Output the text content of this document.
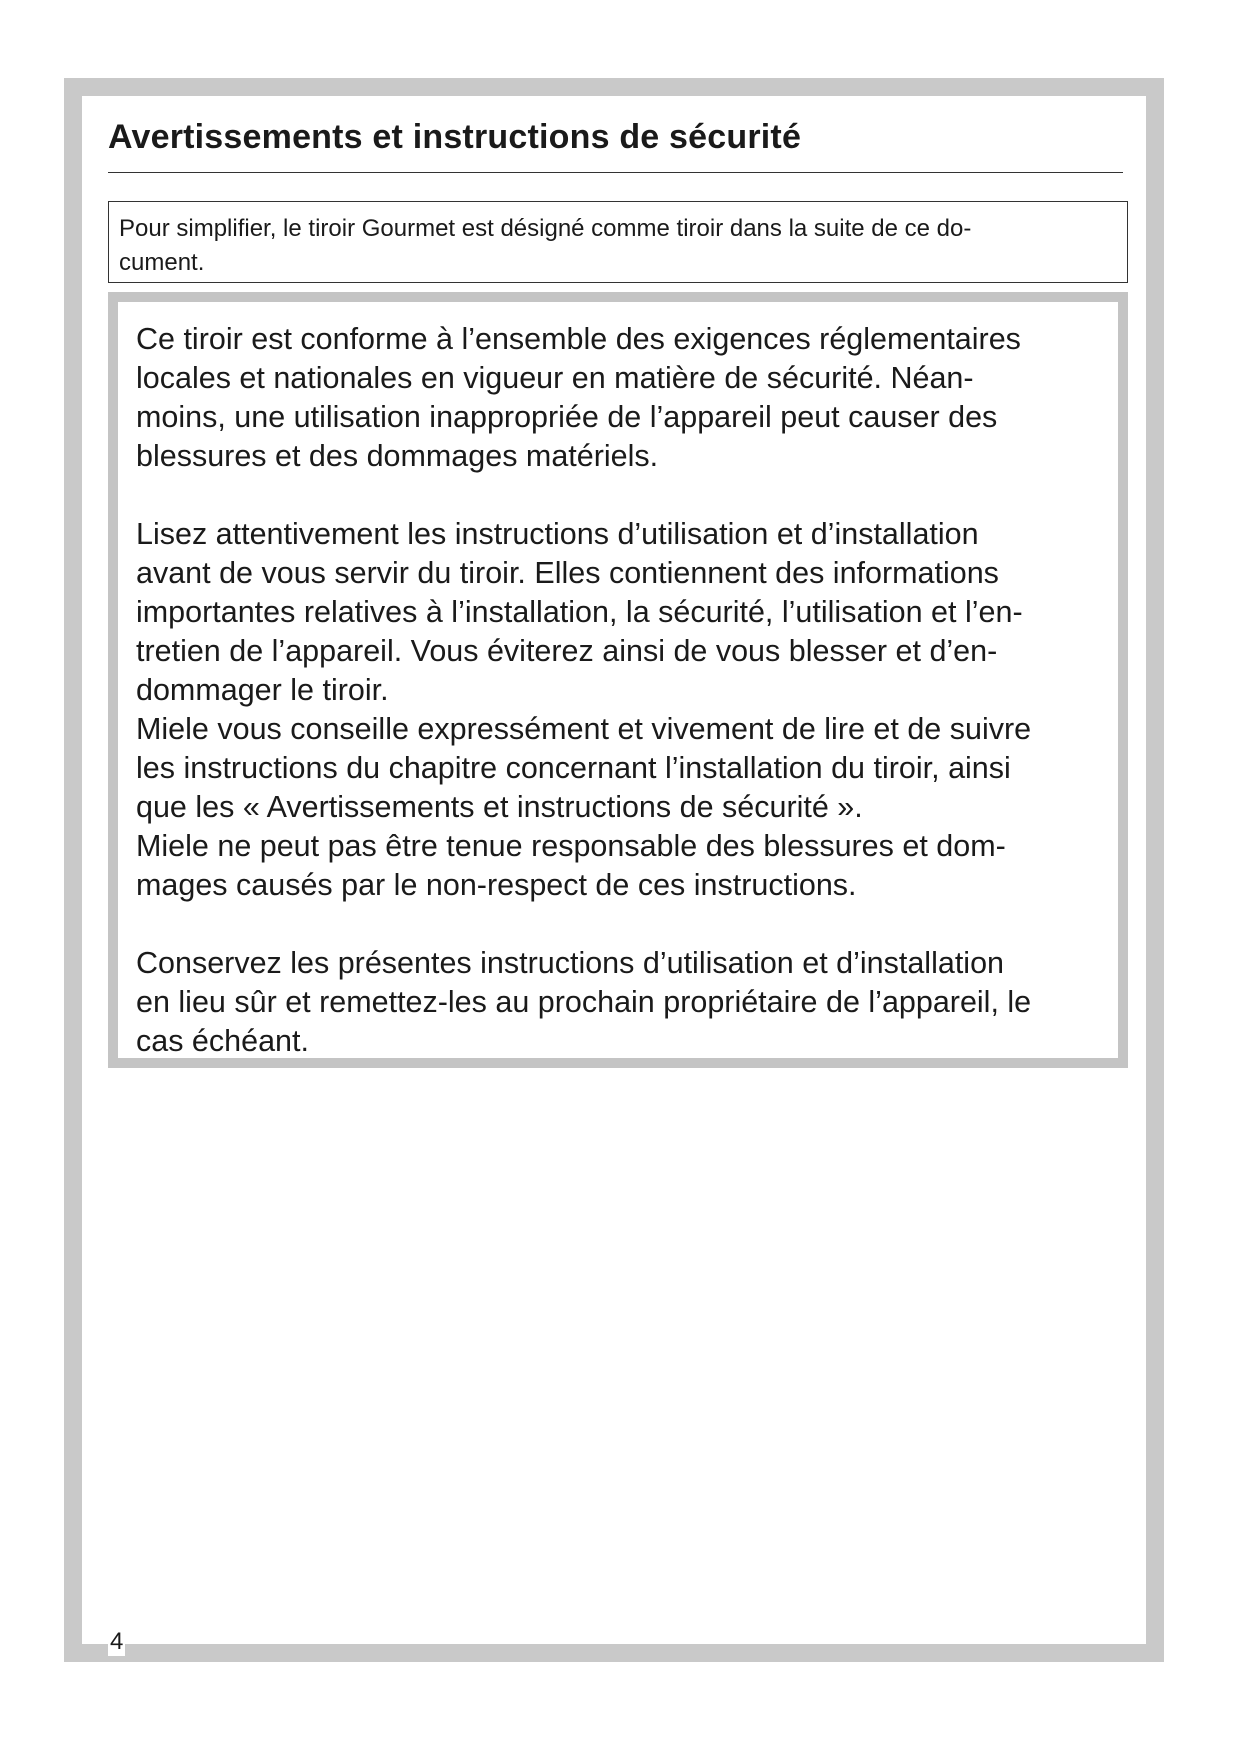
Avertissements et instructions de sécurité
Pour simplifier, le tiroir Gourmet est désigné comme tiroir dans la suite de ce do-
cument.

Ce tiroir est conforme à l’ensemble des exigences réglementaires
locales et nationales en vigueur en matière de sécurité. Néan-
moins, une utilisation inappropriée de l’appareil peut causer des
blessures et des dommages matériels.

Lisez attentivement les instructions d’utilisation et d’installation
avant de vous servir du tiroir. Elles contiennent des informations
importantes relatives à l’installation, la sécurité, l’utilisation et l’en-
tretien de l’appareil. Vous éviterez ainsi de vous blesser et d’en-
dommager le tiroir.

Miele vous conseille expressément et vivement de lire et de suivre
les instructions du chapitre concernant l’installation du tiroir, ainsi
que les « Avertissements et instructions de sécurité ».

Miele ne peut pas être tenue responsable des blessures et dom-
mages causés par le non-respect de ces instructions.

Conservez les présentes instructions d’utilisation et d’installation
en lieu sûr et remettez-les au prochain propriétaire de l’appareil, le
cas échéant.

4
